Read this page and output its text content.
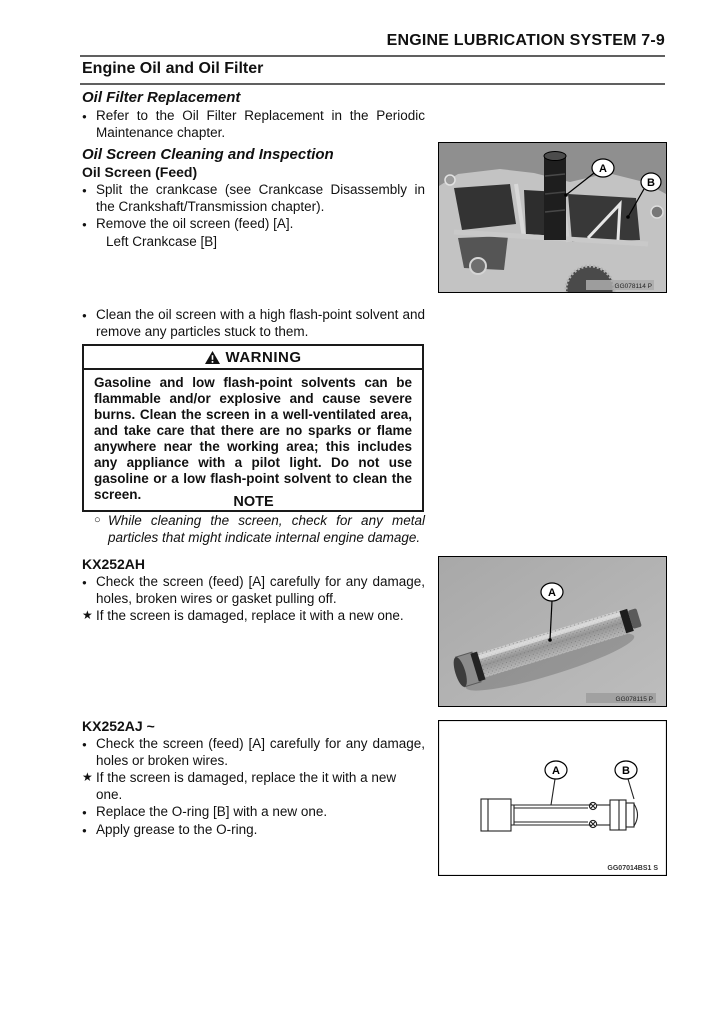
ENGINE LUBRICATION SYSTEM 7-9
Engine Oil and Oil Filter
Oil Filter Replacement
● Refer to the Oil Filter Replacement in the Periodic Maintenance chapter.
Oil Screen Cleaning and Inspection
Oil Screen (Feed)
● Split the crankcase (see Crankcase Disassembly in the Crankshaft/Transmission chapter).
● Remove the oil screen (feed) [A].
Left Crankcase [B]
● Clean the oil screen with a high flash-point solvent and remove any particles stuck to them.
WARNING
Gasoline and low flash-point solvents can be flammable and/or explosive and cause severe burns. Clean the screen in a well-ventilated area, and take care that there are no sparks or flame anywhere near the working area; this includes any appliance with a pilot light. Do not use gasoline or a low flash-point solvent to clean the screen.	NOTE
○ While cleaning the screen, check for any metal particles that might indicate internal engine damage.
KX252AH
● Check the screen (feed) [A] carefully for any damage, holes, broken wires or gasket pulling off.
★ If the screen is damaged, replace it with a new one.
KX252AJ ~
● Check the screen (feed) [A] carefully for any damage, holes or broken wires.
★ If the screen is damaged, replace the it with a new one.
● Replace the O-ring [B] with a new one.
● Apply grease to the O-ring.
A
B
GG078114 P
A
GG078115 P
A	B
GG07014BS1 S
